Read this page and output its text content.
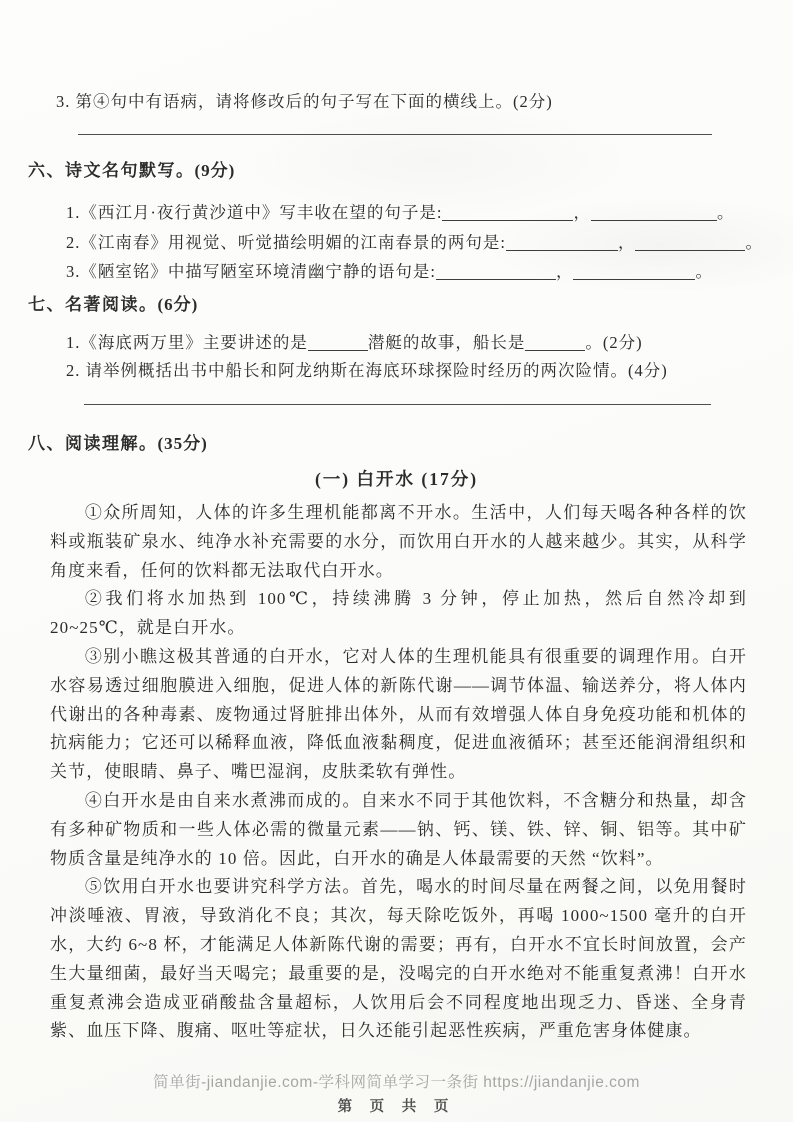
3. 第④句中有语病，请将修改后的句子写在下面的横线上。(2分)
六、诗文名句默写。(9分)
1.《西江月·夜行黄沙道中》写丰收在望的句子是:	，	。
2.《江南春》用视觉、听觉描绘明媚的江南春景的两句是:	，	。
3.《陋室铭》中描写陋室环境清幽宁静的语句是:	，	。
七、名著阅读。(6分)
1.《海底两万里》主要讲述的是	潜艇的故事，船长是	。(2分)
2. 请举例概括出书中船长和阿龙纳斯在海底环球探险时经历的两次险情。(4分)
八、阅读理解。(35分)
(一) 白开水 (17分)

①众所周知，人体的许多生理机能都离不开水。生活中，人们每天喝各种各样的饮料或瓶装矿泉水、纯净水补充需要的水分，而饮用白开水的人越来越少。其实，从科学角度来看，任何的饮料都无法取代白开水。

②我们将水加热到 100℃，持续沸腾 3 分钟，停止加热，然后自然冷却到 20~25℃，就是白开水。

③别小瞧这极其普通的白开水，它对人体的生理机能具有很重要的调理作用。白开水容易透过细胞膜进入细胞，促进人体的新陈代谢——调节体温、输送养分，将人体内代谢出的各种毒素、废物通过肾脏排出体外，从而有效增强人体自身免疫功能和机体的抗病能力；它还可以稀释血液，降低血液黏稠度，促进血液循环；甚至还能润滑组织和关节，使眼睛、鼻子、嘴巴湿润，皮肤柔软有弹性。

④白开水是由自来水煮沸而成的。自来水不同于其他饮料，不含糖分和热量，却含有多种矿物质和一些人体必需的微量元素——钠、钙、镁、铁、锌、铜、铝等。其中矿物质含量是纯净水的 10 倍。因此，白开水的确是人体最需要的天然 “饮料”。

⑤饮用白开水也要讲究科学方法。首先，喝水的时间尽量在两餐之间，以免用餐时冲淡唾液、胃液，导致消化不良；其次，每天除吃饭外，再喝 1000~1500 毫升的白开水，大约 6~8 杯，才能满足人体新陈代谢的需要；再有，白开水不宜长时间放置，会产生大量细菌，最好当天喝完；最重要的是，没喝完的白开水绝对不能重复煮沸！白开水重复煮沸会造成亚硝酸盐含量超标，人饮用后会不同程度地出现乏力、昏迷、全身青紫、血压下降、腹痛、呕吐等症状，日久还能引起恶性疾病，严重危害身体健康。

简单街-jiandanjie.com-学科网简单学习一条街 https://jiandanjie.com
第 页 共 页
